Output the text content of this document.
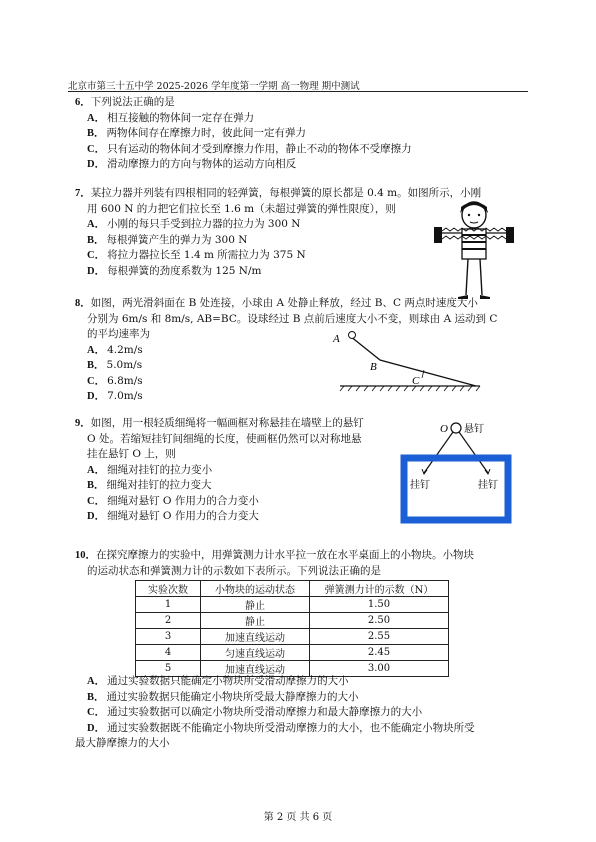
北京市第三十五中学 2025-2026 学年度第一学期 高一物理 期中测试

6．下列说法正确的是

A． 相互接触的物体间一定存在弹力

B． 两物体间存在摩擦力时，彼此间一定有弹力

C． 只有运动的物体间才受到摩擦力作用，静止不动的物体不受摩擦力

D． 滑动摩擦力的方向与物体的运动方向相反

7．某拉力器并列装有四根相同的轻弹簧，每根弹簧的原长都是 0.4 m。如图所示，小刚

用 600 N 的力把它们拉长至 1.6 m（未超过弹簧的弹性限度），则

A． 小刚的每只手受到拉力器的拉力为 300 N

B． 每根弹簧产生的弹力为 300 N

C． 将拉力器拉长至 1.4 m 所需拉力为 375 N

D． 每根弹簧的劲度系数为 125 N/m

8．如图，两光滑斜面在 B 处连接，小球由 A 处静止释放，经过 B、C 两点时速度大小

分别为 6m/s 和 8m/s, AB=BC。设球经过 B 点前后速度大小不变，则球由 A 运动到 C

的平均速率为

A． 4.2m/s

B． 5.0m/s

C． 6.8m/s

D． 7.0m/s

A
B
C

9．如图，用一根轻质细绳将一幅画框对称悬挂在墙壁上的悬钉

O 处。若缩短挂钉间细绳的长度，使画框仍然可以对称地悬

挂在悬钉 O 上，则

A． 细绳对挂钉的拉力变小

B． 细绳对挂钉的拉力变大

C． 细绳对悬钉 O 作用力的合力变小

D． 细绳对悬钉 O 作用力的合力变大

O 悬钉
挂钉	挂钉

10．在探究摩擦力的实验中，用弹簧测力计水平拉一放在水平桌面上的小物块。小物块

的运动状态和弹簧测力计的示数如下表所示。下列说法正确的是

实验次数	小物块的运动状态	弹簧测力计的示数（N）
1	静止	1.50
2	静止	2.50
3	加速直线运动	2.55
4	匀速直线运动	2.45
5	加速直线运动	3.00

A． 通过实验数据只能确定小物块所受滑动摩擦力的大小

B． 通过实验数据只能确定小物块所受最大静摩擦力的大小

C． 通过实验数据可以确定小物块所受滑动摩擦力和最大静摩擦力的大小

D． 通过实验数据既不能确定小物块所受滑动摩擦力的大小，也不能确定小物块所受

最大静摩擦力的大小

第 2 页 共 6 页
